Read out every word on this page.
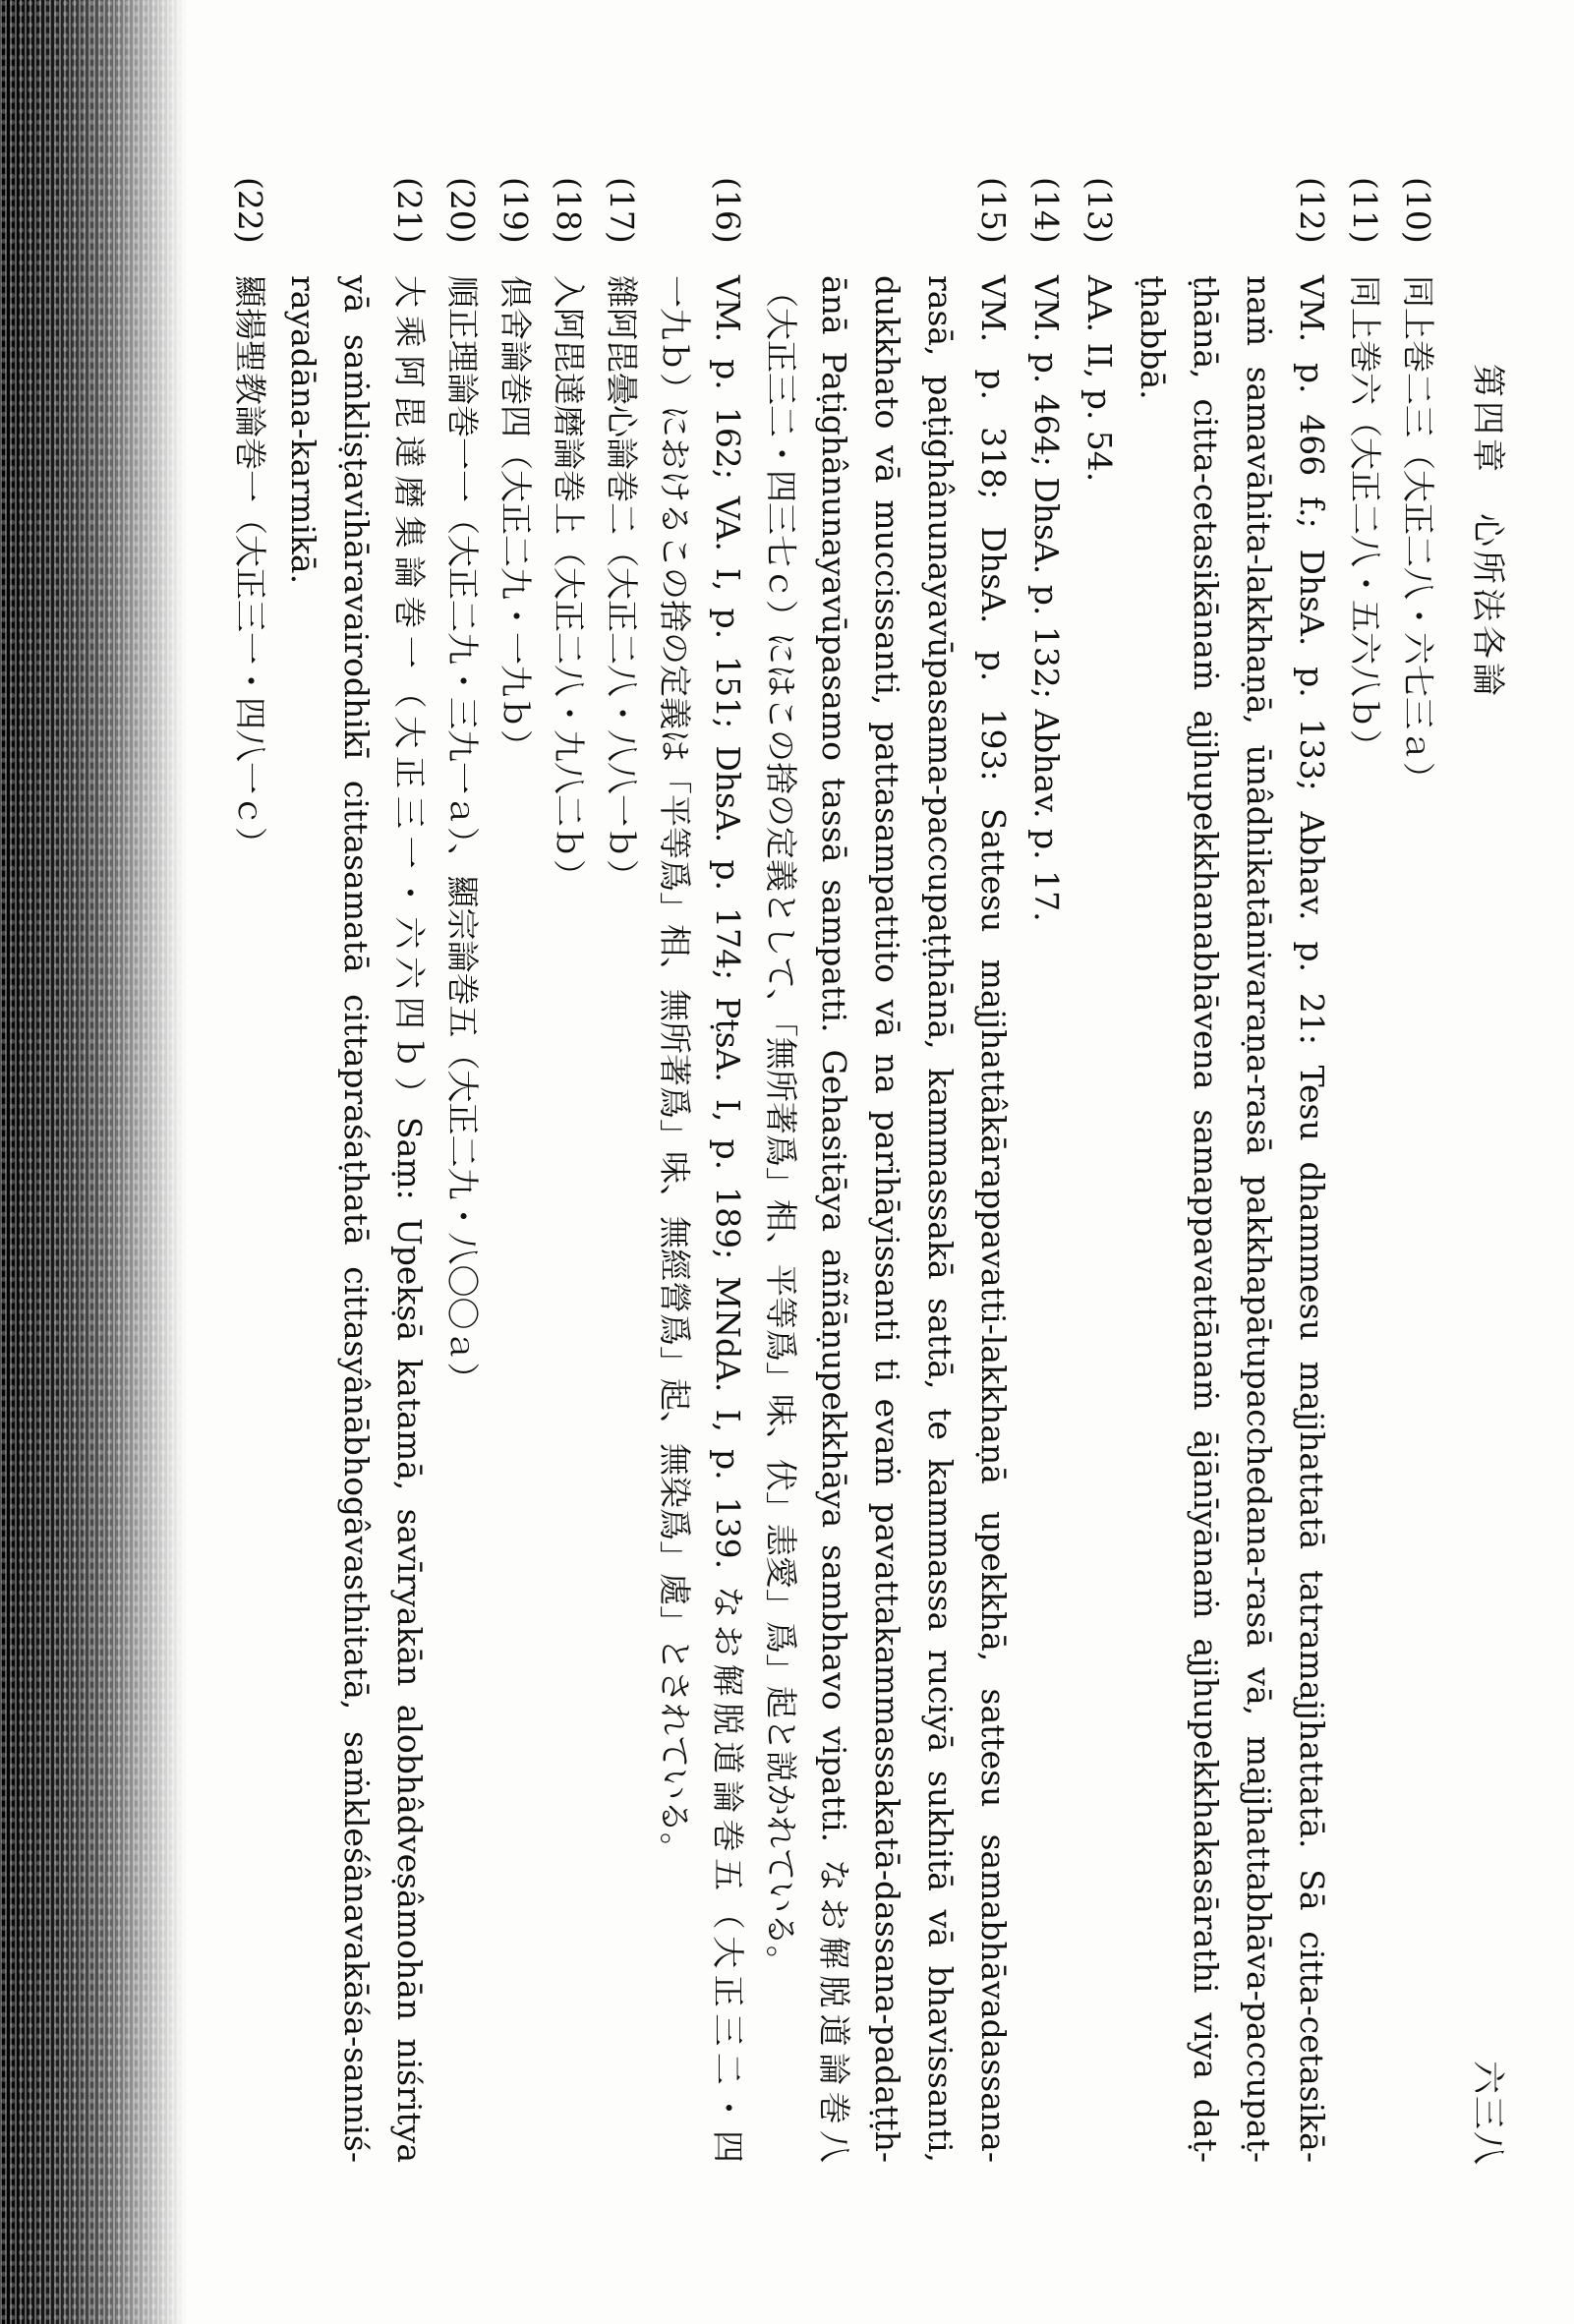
第四章　心所法各論
六三八
(10)
同上巻二三（大正二八・六七三ａ）
(11)
同上巻六（大正二八・五六八ｂ）
(12)
VM. p. 466 f.; DhsA. p. 133; Abhav. p. 21: Tesu dhammesu majjhattatā tatramajjhattatā. Sā citta-cetasikā-
naṁ samavāhita-lakkhaṇā, ūnâdhikatānivaraṇa-rasā pakkhapātupacchedana-rasā vā, majjhattabhāva-paccupaṭ-
ṭhānā, citta-cetasikānaṁ ajjhupekkhanabhāvena samappavattānaṁ ājānīyānaṁ ajjhupekkhakasārathi viya daṭ-
ṭhabbā.
(13)
AA. II, p. 54.
(14)
VM. p. 464; DhsA. p. 132; Abhav. p. 17.
(15)
VM. p. 318; DhsA. p. 193: Sattesu majjhattâkārappavatti-lakkhaṇā upekkhā, sattesu samabhāvadassana-
rasā, paṭighânunayavūpasama-paccupaṭṭhānā, kammassakā sattā, te kammassa ruciyā sukhitā vā bhavissanti,
dukkhato vā muccissanti, pattasampattito vā na parihāyissanti ti evaṁ pavattakammassakatā-dassana-padaṭṭh-
ānā Paṭighânunayavūpasamo tassā sampatti. Gehasitāya aññāṇupekkhāya sambhavo vipatti. なお解脱道論巻八
（大正三二・四三七ｃ）にはこの捨の定義として、「無所著爲」相、平等爲」味、伏」恚愛」爲」起と説かれている。
(16)
VM. p. 162; VA. I, p. 151; DhsA. p. 174; PṭsA. I, p. 189; MNdA. I, p. 139. なお解脱道論巻五（大正三二・四
一九ｂ）におけるこの捨の定義は「平等爲」相、無所著爲」味、無經營爲」起、無染爲」處」とされている。
(17)
雜阿毘曇心論巻二（大正二八・八八一ｂ）
(18)
入阿毘達磨論巻上（大正二八・九八二ｂ）
(19)
倶舍論巻四（大正二九・一九ｂ）
(20)
順正理論巻一一（大正二九・三九一ａ）、顯宗論巻五（大正二九・八〇〇ａ）
(21)
大乘阿毘達磨集論巻一（大正三一・六六四ｂ）Saṃ: Upekṣā katamā, savīryakān alobhâdveṣâmohān niśritya
yā saṁkliṣṭavihāravairodhikī cittasamatā cittapraśaṭhatā cittasyânābhogâvasthitatā, saṁkleśânavakāśa-sanniś-
rayadāna-karmikā.
(22)
顯揚聖教論巻一（大正三一・四八一ｃ）
